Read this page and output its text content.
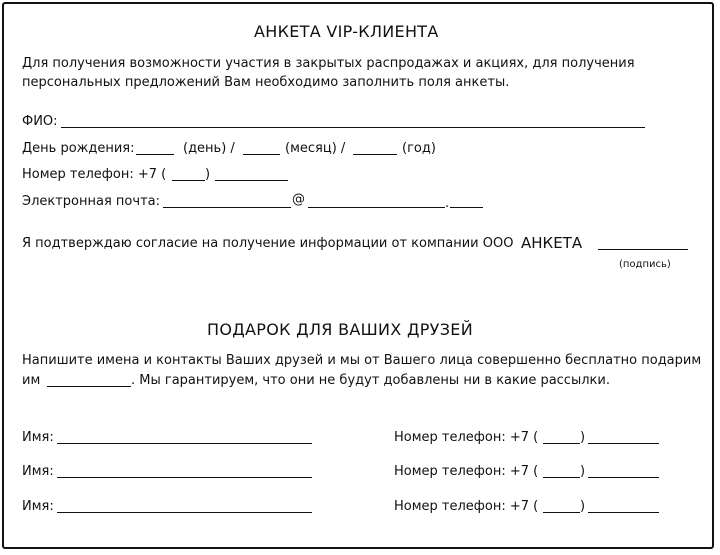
АНКЕТА VIP-КЛИЕНТА
Для получения возможности участия в закрытых распродажах и акциях, для получения
персональных предложений Вам необходимо заполнить поля анкеты.
ФИО:
День рождения:	(день) /	(месяц) /	(год)
Номер телефон: +7 (	)
Электронная почта:	@	.
Я подтверждаю согласие на получение информации от компании ООО АНКЕТА
(подпись)
ПОДАРОК ДЛЯ ВАШИХ ДРУЗЕЙ
Напишите имена и контакты Ваших друзей и мы от Вашего лица совершенно бесплатно подарим
им	. Мы гарантируем, что они не будут добавлены ни в какие рассылки.
Имя:	Номер телефон: +7 (	)
Имя:	Номер телефон: +7 (	)
Имя:	Номер телефон: +7 (	)
